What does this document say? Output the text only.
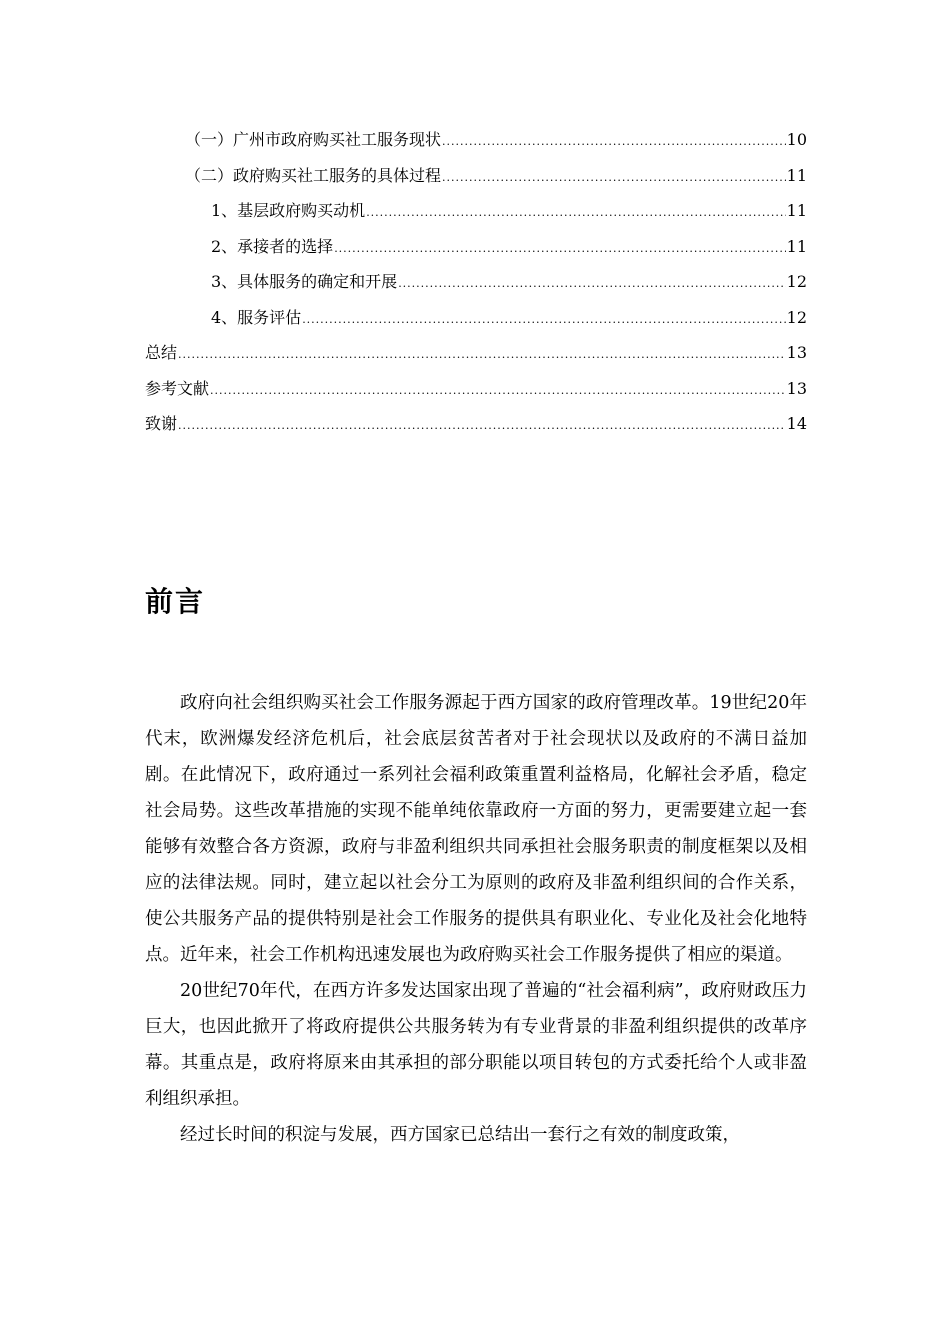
（一）广州市政府购买社工服务现状 .....	10
（二）政府购买社工服务的具体过程 .....	11
1、基层政府购买动机 .....	11
2、承接者的选择 .....	11
3、具体服务的确定和开展 .....	12
4、服务评估 .....	12
总结 .....	13
参考文献 .....	13
致谢 .....	14
前言

政府向社会组织购买社会工作服务源起于西方国家的政府管理改革。19世纪20年代末，欧洲爆发经济危机后，社会底层贫苦者对于社会现状以及政府的不满日益加剧。在此情况下，政府通过一系列社会福利政策重置利益格局，化解社会矛盾，稳定社会局势。这些改革措施的实现不能单纯依靠政府一方面的努力，更需要建立起一套能够有效整合各方资源，政府与非盈利组织共同承担社会服务职责的制度框架以及相应的法律法规。同时，建立起以社会分工为原则的政府及非盈利组织间的合作关系，使公共服务产品的提供特别是社会工作服务的提供具有职业化、专业化及社会化地特点。近年来，社会工作机构迅速发展也为政府购买社会工作服务提供了相应的渠道。

20世纪70年代，在西方许多发达国家出现了普遍的“社会福利病”，政府财政压力巨大，也因此掀开了将政府提供公共服务转为有专业背景的非盈利组织提供的改革序幕。其重点是，政府将原来由其承担的部分职能以项目转包的方式委托给个人或非盈利组织承担。

经过长时间的积淀与发展，西方国家已总结出一套行之有效的制度政策，
